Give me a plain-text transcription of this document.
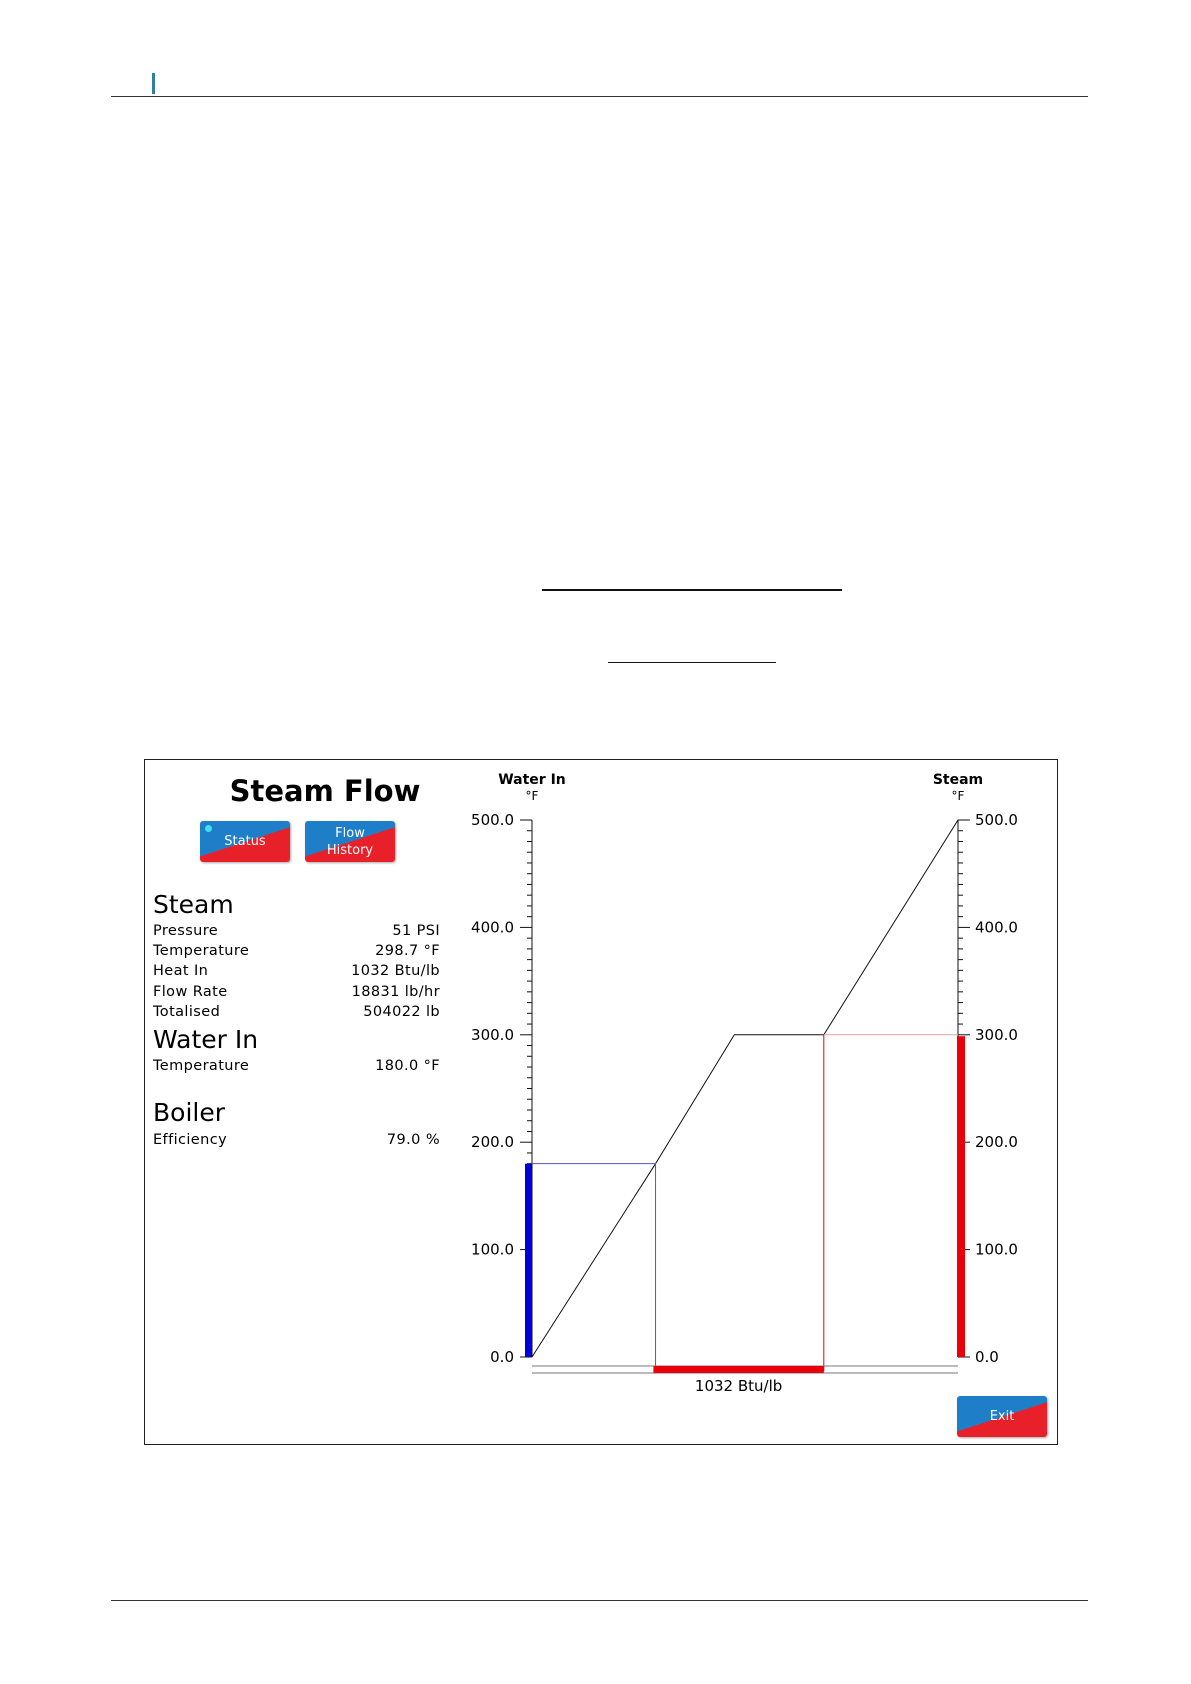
Steam Flow
Status
Flow
History
Steam
Pressure	51 PSI
Temperature	298.7 °F
Heat In	1032 Btu/lb
Flow Rate	18831 lb/hr
Totalised	504022 lb
Water In
Temperature	180.0 °F
Boiler
Efficiency	79.0 %
Water In
°F
Steam
°F
500.0
400.0
300.0
200.0
100.0
0.0
500.0
400.0
300.0
200.0
100.0
0.0
1032 Btu/lb
Exit
